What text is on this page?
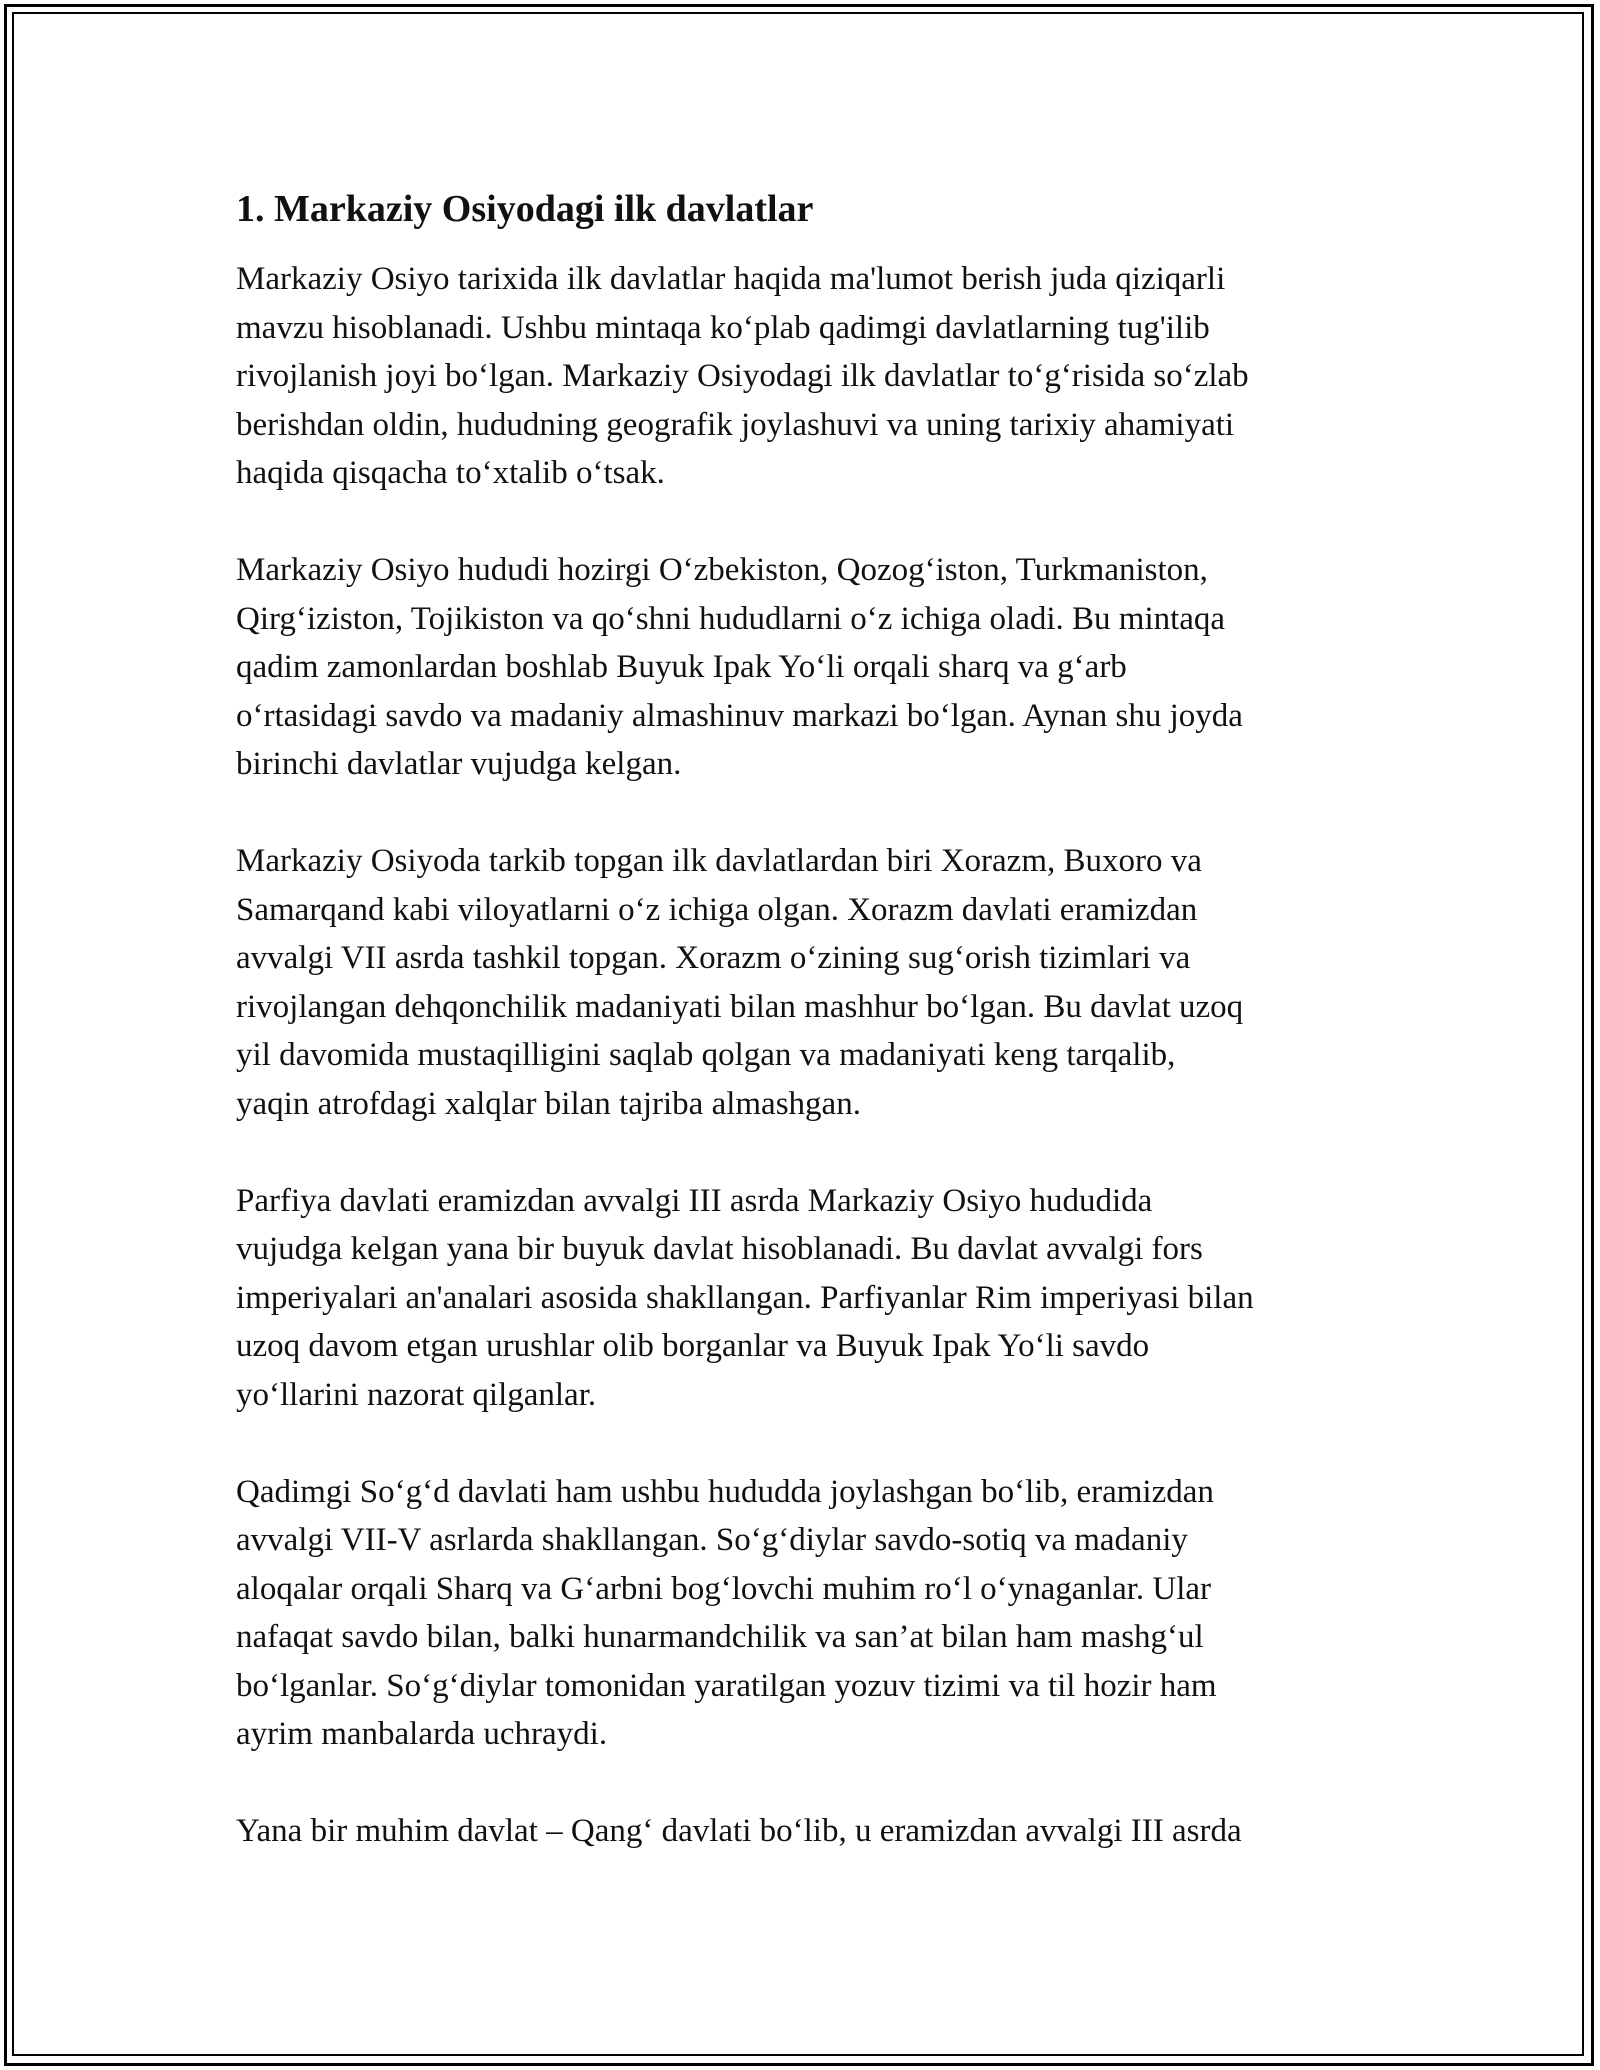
1. Markaziy Osiyodagi ilk davlatlar

Markaziy Osiyo tarixida ilk davlatlar haqida ma'lumot berish juda qiziqarli
mavzu hisoblanadi. Ushbu mintaqa ko‘plab qadimgi davlatlarning tug'ilib
rivojlanish joyi bo‘lgan. Markaziy Osiyodagi ilk davlatlar to‘g‘risida so‘zlab
berishdan oldin, hududning geografik joylashuvi va uning tarixiy ahamiyati
haqida qisqacha to‘xtalib o‘tsak.

Markaziy Osiyo hududi hozirgi O‘zbekiston, Qozog‘iston, Turkmaniston,
Qirg‘iziston, Tojikiston va qo‘shni hududlarni o‘z ichiga oladi. Bu mintaqa
qadim zamonlardan boshlab Buyuk Ipak Yo‘li orqali sharq va g‘arb
o‘rtasidagi savdo va madaniy almashinuv markazi bo‘lgan. Aynan shu joyda
birinchi davlatlar vujudga kelgan.

Markaziy Osiyoda tarkib topgan ilk davlatlardan biri Xorazm, Buxoro va
Samarqand kabi viloyatlarni o‘z ichiga olgan. Xorazm davlati eramizdan
avvalgi VII asrda tashkil topgan. Xorazm o‘zining sug‘orish tizimlari va
rivojlangan dehqonchilik madaniyati bilan mashhur bo‘lgan. Bu davlat uzoq
yil davomida mustaqilligini saqlab qolgan va madaniyati keng tarqalib,
yaqin atrofdagi xalqlar bilan tajriba almashgan.

Parfiya davlati eramizdan avvalgi III asrda Markaziy Osiyo hududida
vujudga kelgan yana bir buyuk davlat hisoblanadi. Bu davlat avvalgi fors
imperiyalari an'analari asosida shakllangan. Parfiyanlar Rim imperiyasi bilan
uzoq davom etgan urushlar olib borganlar va Buyuk Ipak Yo‘li savdo
yo‘llarini nazorat qilganlar.

Qadimgi So‘g‘d davlati ham ushbu hududda joylashgan bo‘lib, eramizdan
avvalgi VII-V asrlarda shakllangan. So‘g‘diylar savdo-sotiq va madaniy
aloqalar orqali Sharq va G‘arbni bog‘lovchi muhim ro‘l o‘ynaganlar. Ular
nafaqat savdo bilan, balki hunarmandchilik va san’at bilan ham mashg‘ul
bo‘lganlar. So‘g‘diylar tomonidan yaratilgan yozuv tizimi va til hozir ham
ayrim manbalarda uchraydi.

Yana bir muhim davlat – Qang‘ davlati bo‘lib, u eramizdan avvalgi III asrda
